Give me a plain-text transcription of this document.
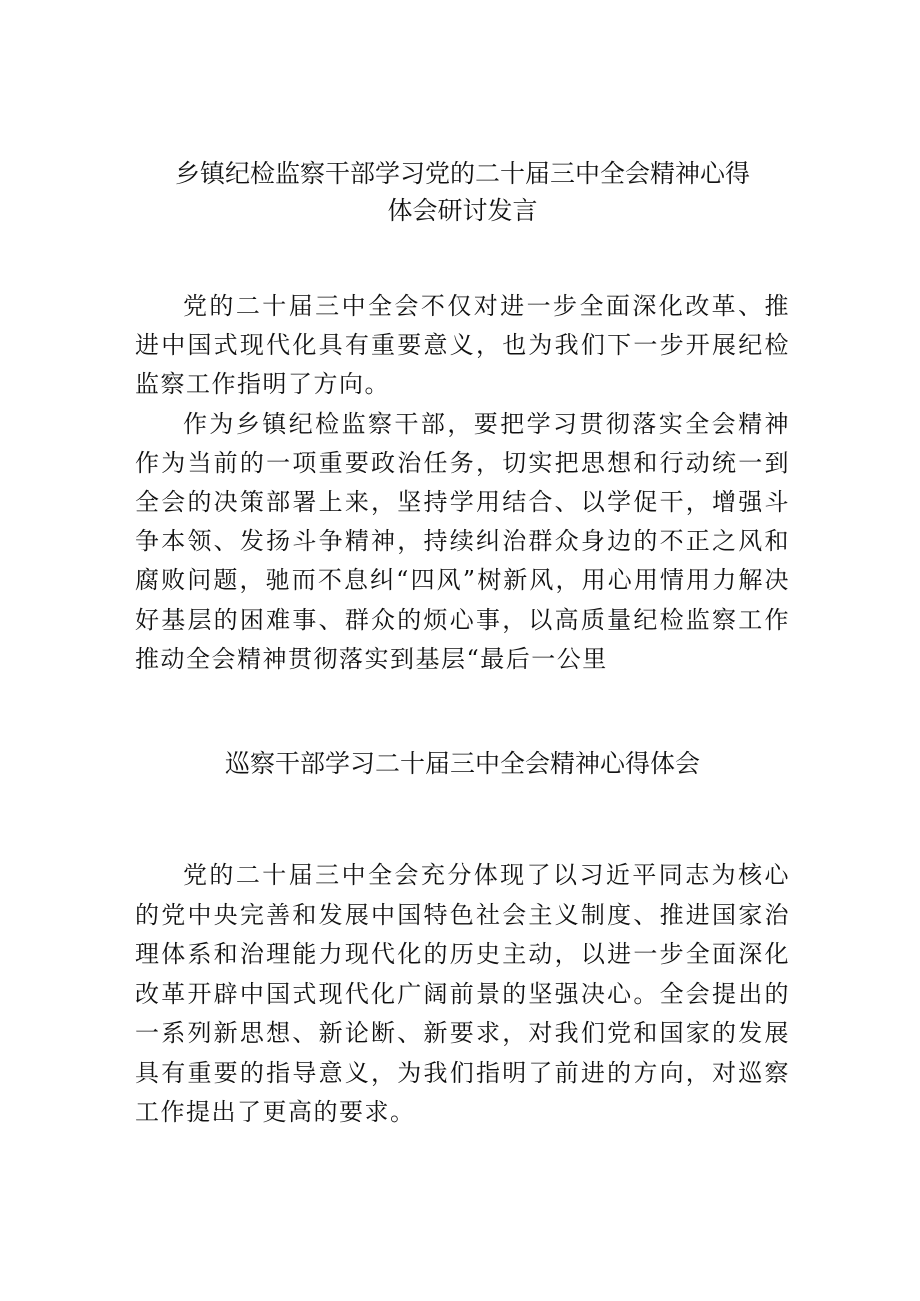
乡镇纪检监察干部学习党的二十届三中全会精神心得
体会研讨发言

党的二十届三中全会不仅对进一步全面深化改革、推进中国式现代化具有重要意义，也为我们下一步开展纪检监察工作指明了方向。

作为乡镇纪检监察干部，要把学习贯彻落实全会精神作为当前的一项重要政治任务，切实把思想和行动统一到全会的决策部署上来，坚持学用结合、以学促干，增强斗争本领、发扬斗争精神，持续纠治群众身边的不正之风和腐败问题，驰而不息纠“四风”树新风，用心用情用力解决好基层的困难事、群众的烦心事，以高质量纪检监察工作推动全会精神贯彻落实到基层“最后一公里

巡察干部学习二十届三中全会精神心得体会

党的二十届三中全会充分体现了以习近平同志为核心的党中央完善和发展中国特色社会主义制度、推进国家治理体系和治理能力现代化的历史主动，以进一步全面深化改革开辟中国式现代化广阔前景的坚强决心。全会提出的一系列新思想、新论断、新要求，对我们党和国家的发展具有重要的指导意义，为我们指明了前进的方向，对巡察工作提出了更高的要求。
